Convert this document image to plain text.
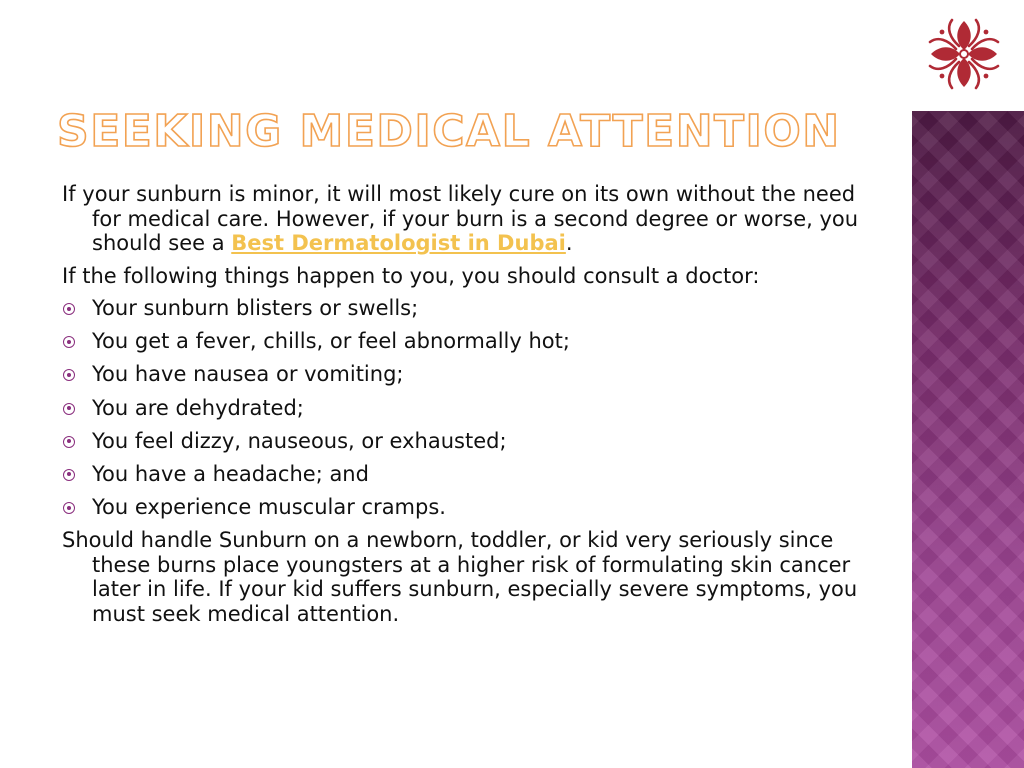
SEEKING MEDICAL ATTENTION

If your sunburn is minor, it will most likely cure on its own without the need for medical care. However, if your burn is a second degree or worse, you should see a Best Dermatologist in Dubai.

If the following things happen to you, you should consult a doctor:

Your sunburn blisters or swells;
You get a fever, chills, or feel abnormally hot;
You have nausea or vomiting;
You are dehydrated;
You feel dizzy, nauseous, or exhausted;
You have a headache; and
You experience muscular cramps.

Should handle Sunburn on a newborn, toddler, or kid very seriously since these burns place youngsters at a higher risk of formulating skin cancer later in life. If your kid suffers sunburn, especially severe symptoms, you must seek medical attention.
